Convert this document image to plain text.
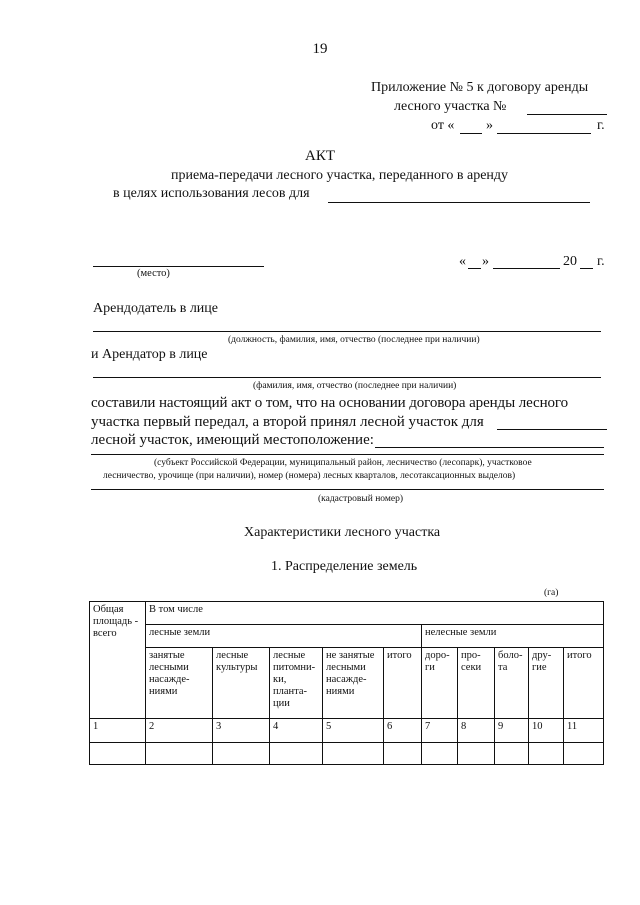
19
Приложение № 5 к договору аренды
лесного участка №
от « »	г.
АКТ
приема-передачи лесного участка, переданного в аренду
в целях использования лесов для
(место)
« »	20 г.
Арендодатель в лице
(должность, фамилия, имя, отчество (последнее при наличии)
и Арендатор в лице
(фамилия, имя, отчество (последнее при наличии)
составили настоящий акт о том, что на основании договора аренды лесного
участка первый передал, а второй принял лесной участок для
лесной участок, имеющий местоположение:
(субъект Российской Федерации, муниципальный район, лесничество (лесопарк), участковое
лесничество, урочище (при наличии), номер (номера) лесных кварталов, лесотаксационных выделов)
(кадастровый номер)
Характеристики лесного участка
1. Распределение земель
(га)
Общая площадь - всего	В том числе									
	лесные земли					нелесные земли				
	занятые лесными насажде-ниями	лесные культуры	лесные питомни-ки, планта-ции	не занятые лесными насажде-ниями	итого	доро-ги	про-секи	боло-та	дру-гие	итого
1	2	3	4	5	6	7	8	9	10	11
